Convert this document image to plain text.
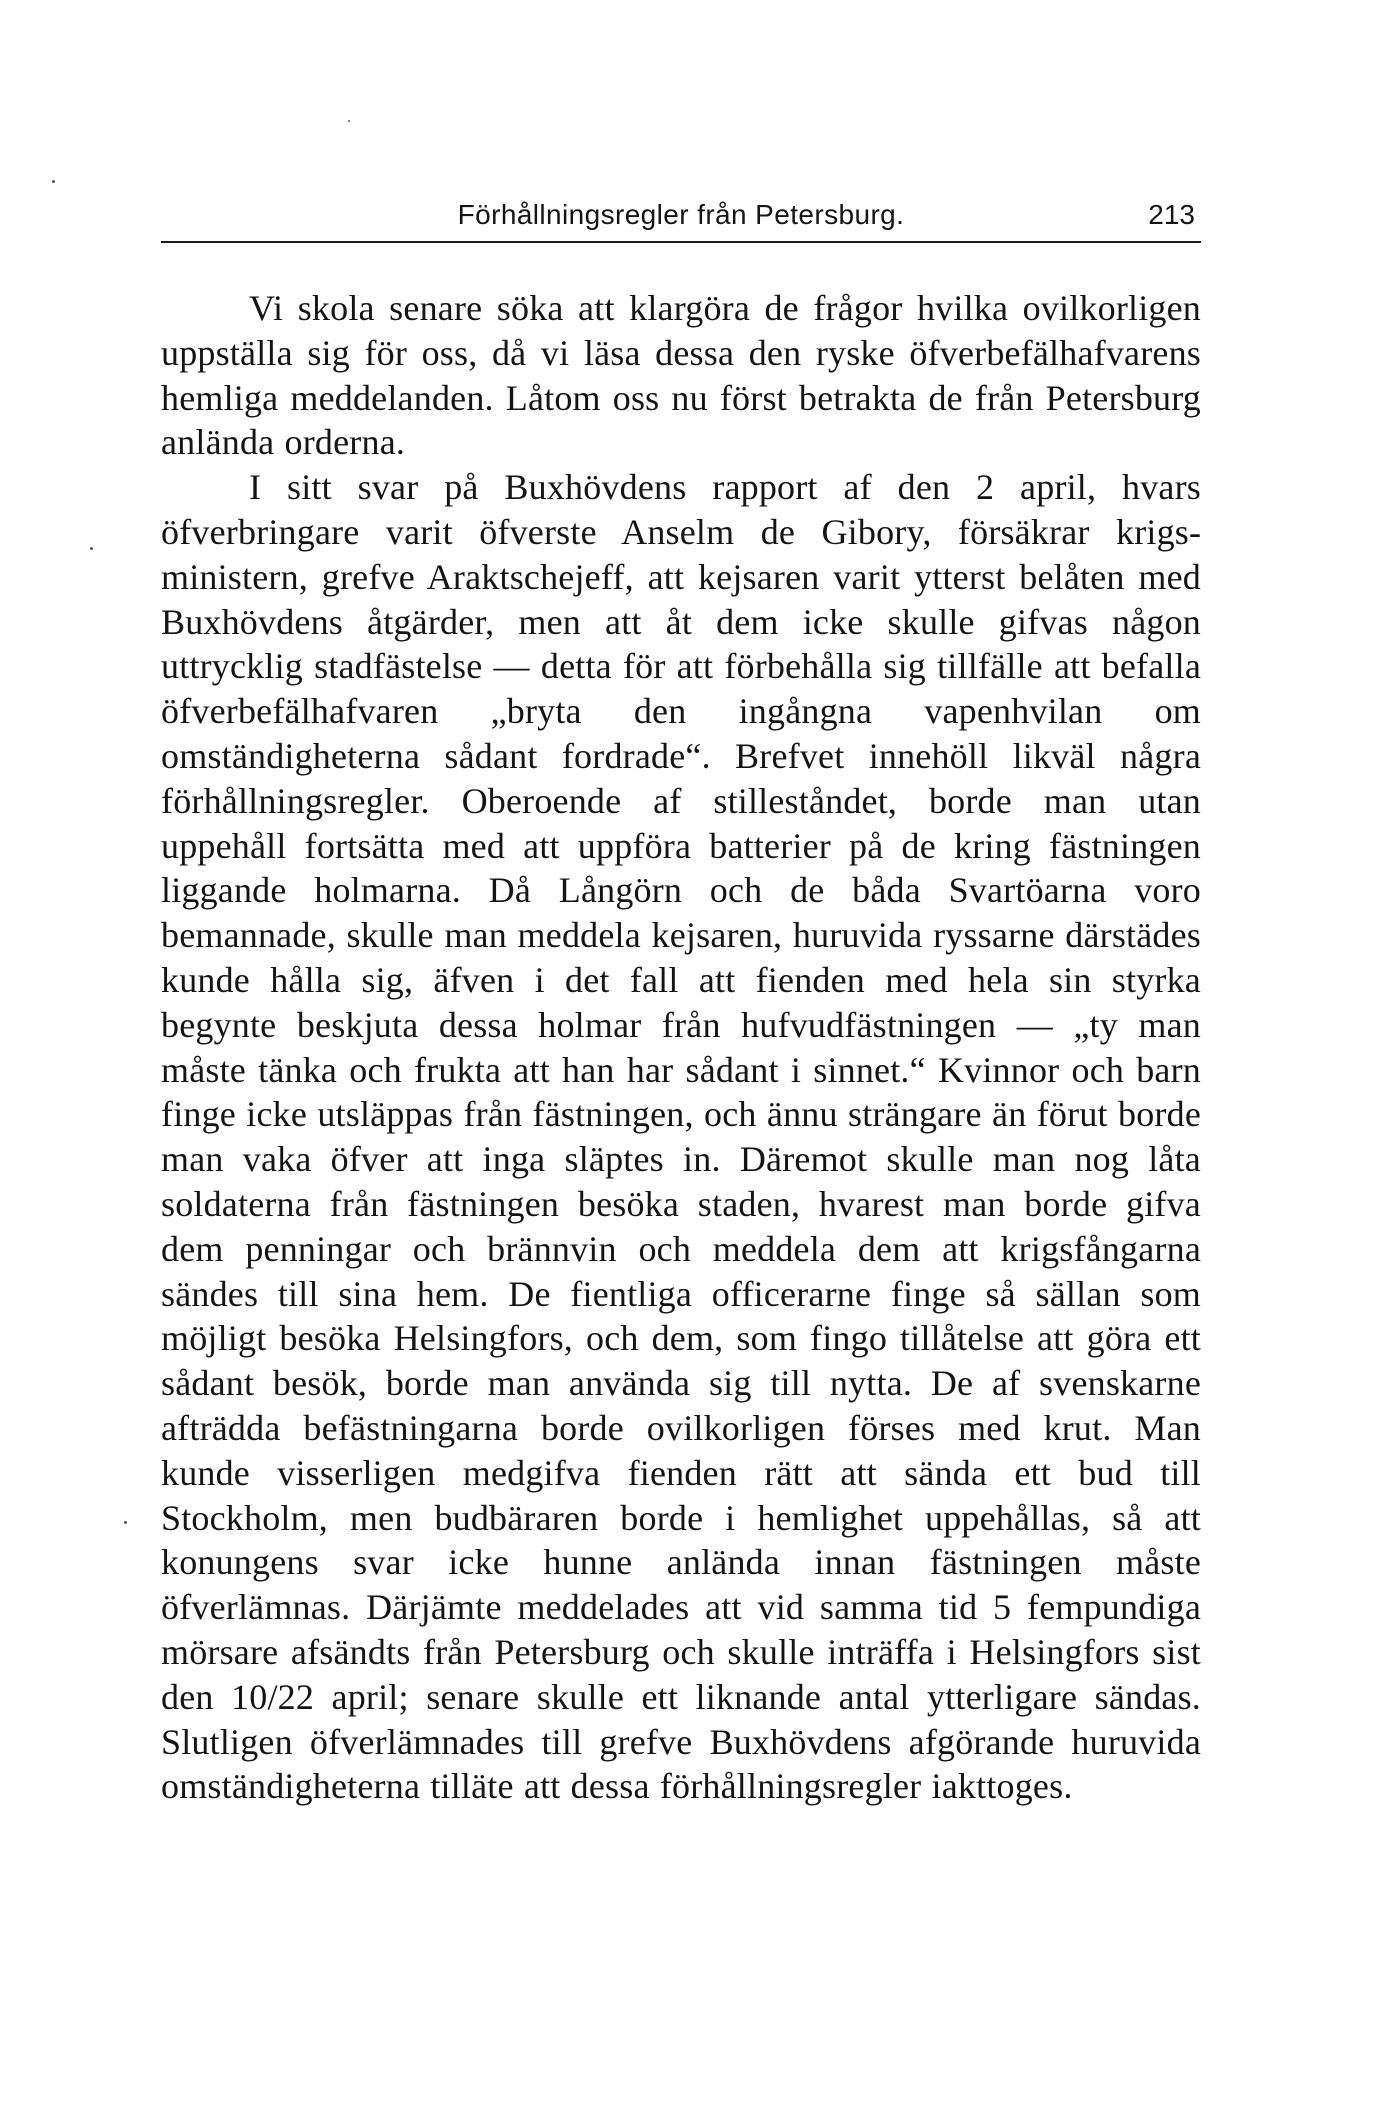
Förhållningsregler från Petersburg.	213

Vi skola senare söka att klargöra de frågor hvilka ovilkorligen uppställa sig för oss, då vi läsa dessa den ryske öfverbefälhafvarens hemliga meddelanden. Låtom oss nu först betrakta de från Petersburg anlända orderna.

I sitt svar på Buxhövdens rapport af den 2 april, hvars öfverbringare varit öfverste Anselm de Gibory, försäkrar krigsministern, grefve Araktschejeff, att kejsaren varit ytterst belåten med Buxhövdens åtgärder, men att åt dem icke skulle gifvas någon uttrycklig stadfästelse — detta för att förbehålla sig tillfälle att befalla öfverbefälhafvaren „bryta den ingångna vapenhvilan om omständigheterna sådant fordrade“. Brefvet innehöll likväl några förhållningsregler. Oberoende af stilleståndet, borde man utan uppehåll fortsätta med att uppföra batterier på de kring fästningen liggande holmarna. Då Långörn och de båda Svartöarna voro bemannade, skulle man meddela kejsaren, huruvida ryssarne därstädes kunde hålla sig, äfven i det fall att fienden med hela sin styrka begynte beskjuta dessa holmar från hufvudfästningen — „ty man måste tänka och frukta att han har sådant i sinnet.“ Kvinnor och barn finge icke utsläppas från fästningen, och ännu strängare än förut borde man vaka öfver att inga släptes in. Däremot skulle man nog låta soldaterna från fästningen besöka staden, hvarest man borde gifva dem penningar och brännvin och meddela dem att krigsfångarna sändes till sina hem. De fientliga officerarne finge så sällan som möjligt besöka Helsingfors, och dem, som fingo tillåtelse att göra ett sådant besök, borde man använda sig till nytta. De af svenskarne afträdda befästningarna borde ovilkorligen förses med krut. Man kunde visserligen medgifva fienden rätt att sända ett bud till Stockholm, men budbäraren borde i hemlighet uppehållas, så att konungens svar icke hunne anlända innan fästningen måste öfverlämnas. Därjämte meddelades att vid samma tid 5 fempundiga mörsare afsändts från Petersburg och skulle inträffa i Helsingfors sist den 10/22 april; senare skulle ett liknande antal ytterligare sändas. Slutligen öfverlämnades till grefve Buxhövdens afgörande huruvida omständigheterna tilläte att dessa förhållningsregler iakttoges.
